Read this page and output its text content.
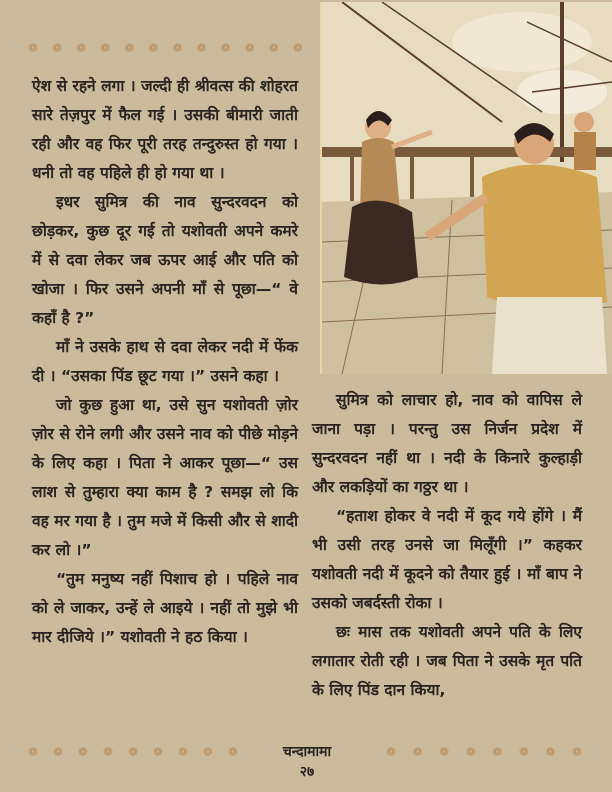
❁ ❁ ❁ ❁ ❁ ❁ ❁ ❁ ❁ ❁ ❁ ❁

ऐश से रहने लगा । जल्दी ही श्रीवत्स की शोहरत सारे तेज़पुर में फैल गई । उसकी बीमारी जाती रही और वह फिर पूरी तरह तन्दुरुस्त हो गया । धनी तो वह पहिले ही हो गया था ।

इधर सुमित्र की नाव सुन्दरवदन को छोड़कर, कुछ दूर गई तो यशोवती अपने कमरे में से दवा लेकर जब ऊपर आई और पति को खोजा । फिर उसने अपनी माँ से पूछा—“ वे कहाँ है ?”

माँ ने उसके हाथ से दवा लेकर नदी में फेंक दी । “उसका पिंड छूट गया ।” उसने कहा ।

जो कुछ हुआ था, उसे सुन यशोवती ज़ोर ज़ोर से रोने लगी और उसने नाव को पीछे मोड़ने के लिए कहा । पिता ने आकर पूछा—“ उस लाश से तुम्हारा क्या काम है ? समझ लो कि वह मर गया है । तुम मजे में किसी और से शादी कर लो ।”

“तुम मनुष्य नहीं पिशाच हो । पहिले नाव को ले जाकर, उन्हें ले आइये । नहीं तो मुझे भी मार दीजिये ।” यशोवती ने हठ किया ।

सुमित्र को लाचार हो, नाव को वापिस ले जाना पड़ा । परन्तु उस निर्जन प्रदेश में सुन्दरवदन नहीं था । नदी के किनारे कुल्हाड़ी और लकड़ियों का गठ्ठर था ।

“हताश होकर वे नदी में कूद गये होंगे । मैं भी उसी तरह उनसे जा मिलूँगी ।” कहकर यशोवती नदी में कूदने को तैयार हुई । माँ बाप ने उसको जबर्दस्ती रोका ।

छः मास तक यशोवती अपने पति के लिए लगातार रोती रही । जब पिता ने उसके मृत पति के लिए पिंड दान किया,

❁ ❁ ❁ ❁ ❁ ❁ ❁ ❁ ❁	चन्दामामा	❁ ❁ ❁ ❁ ❁ ❁ ❁ ❁
२७
